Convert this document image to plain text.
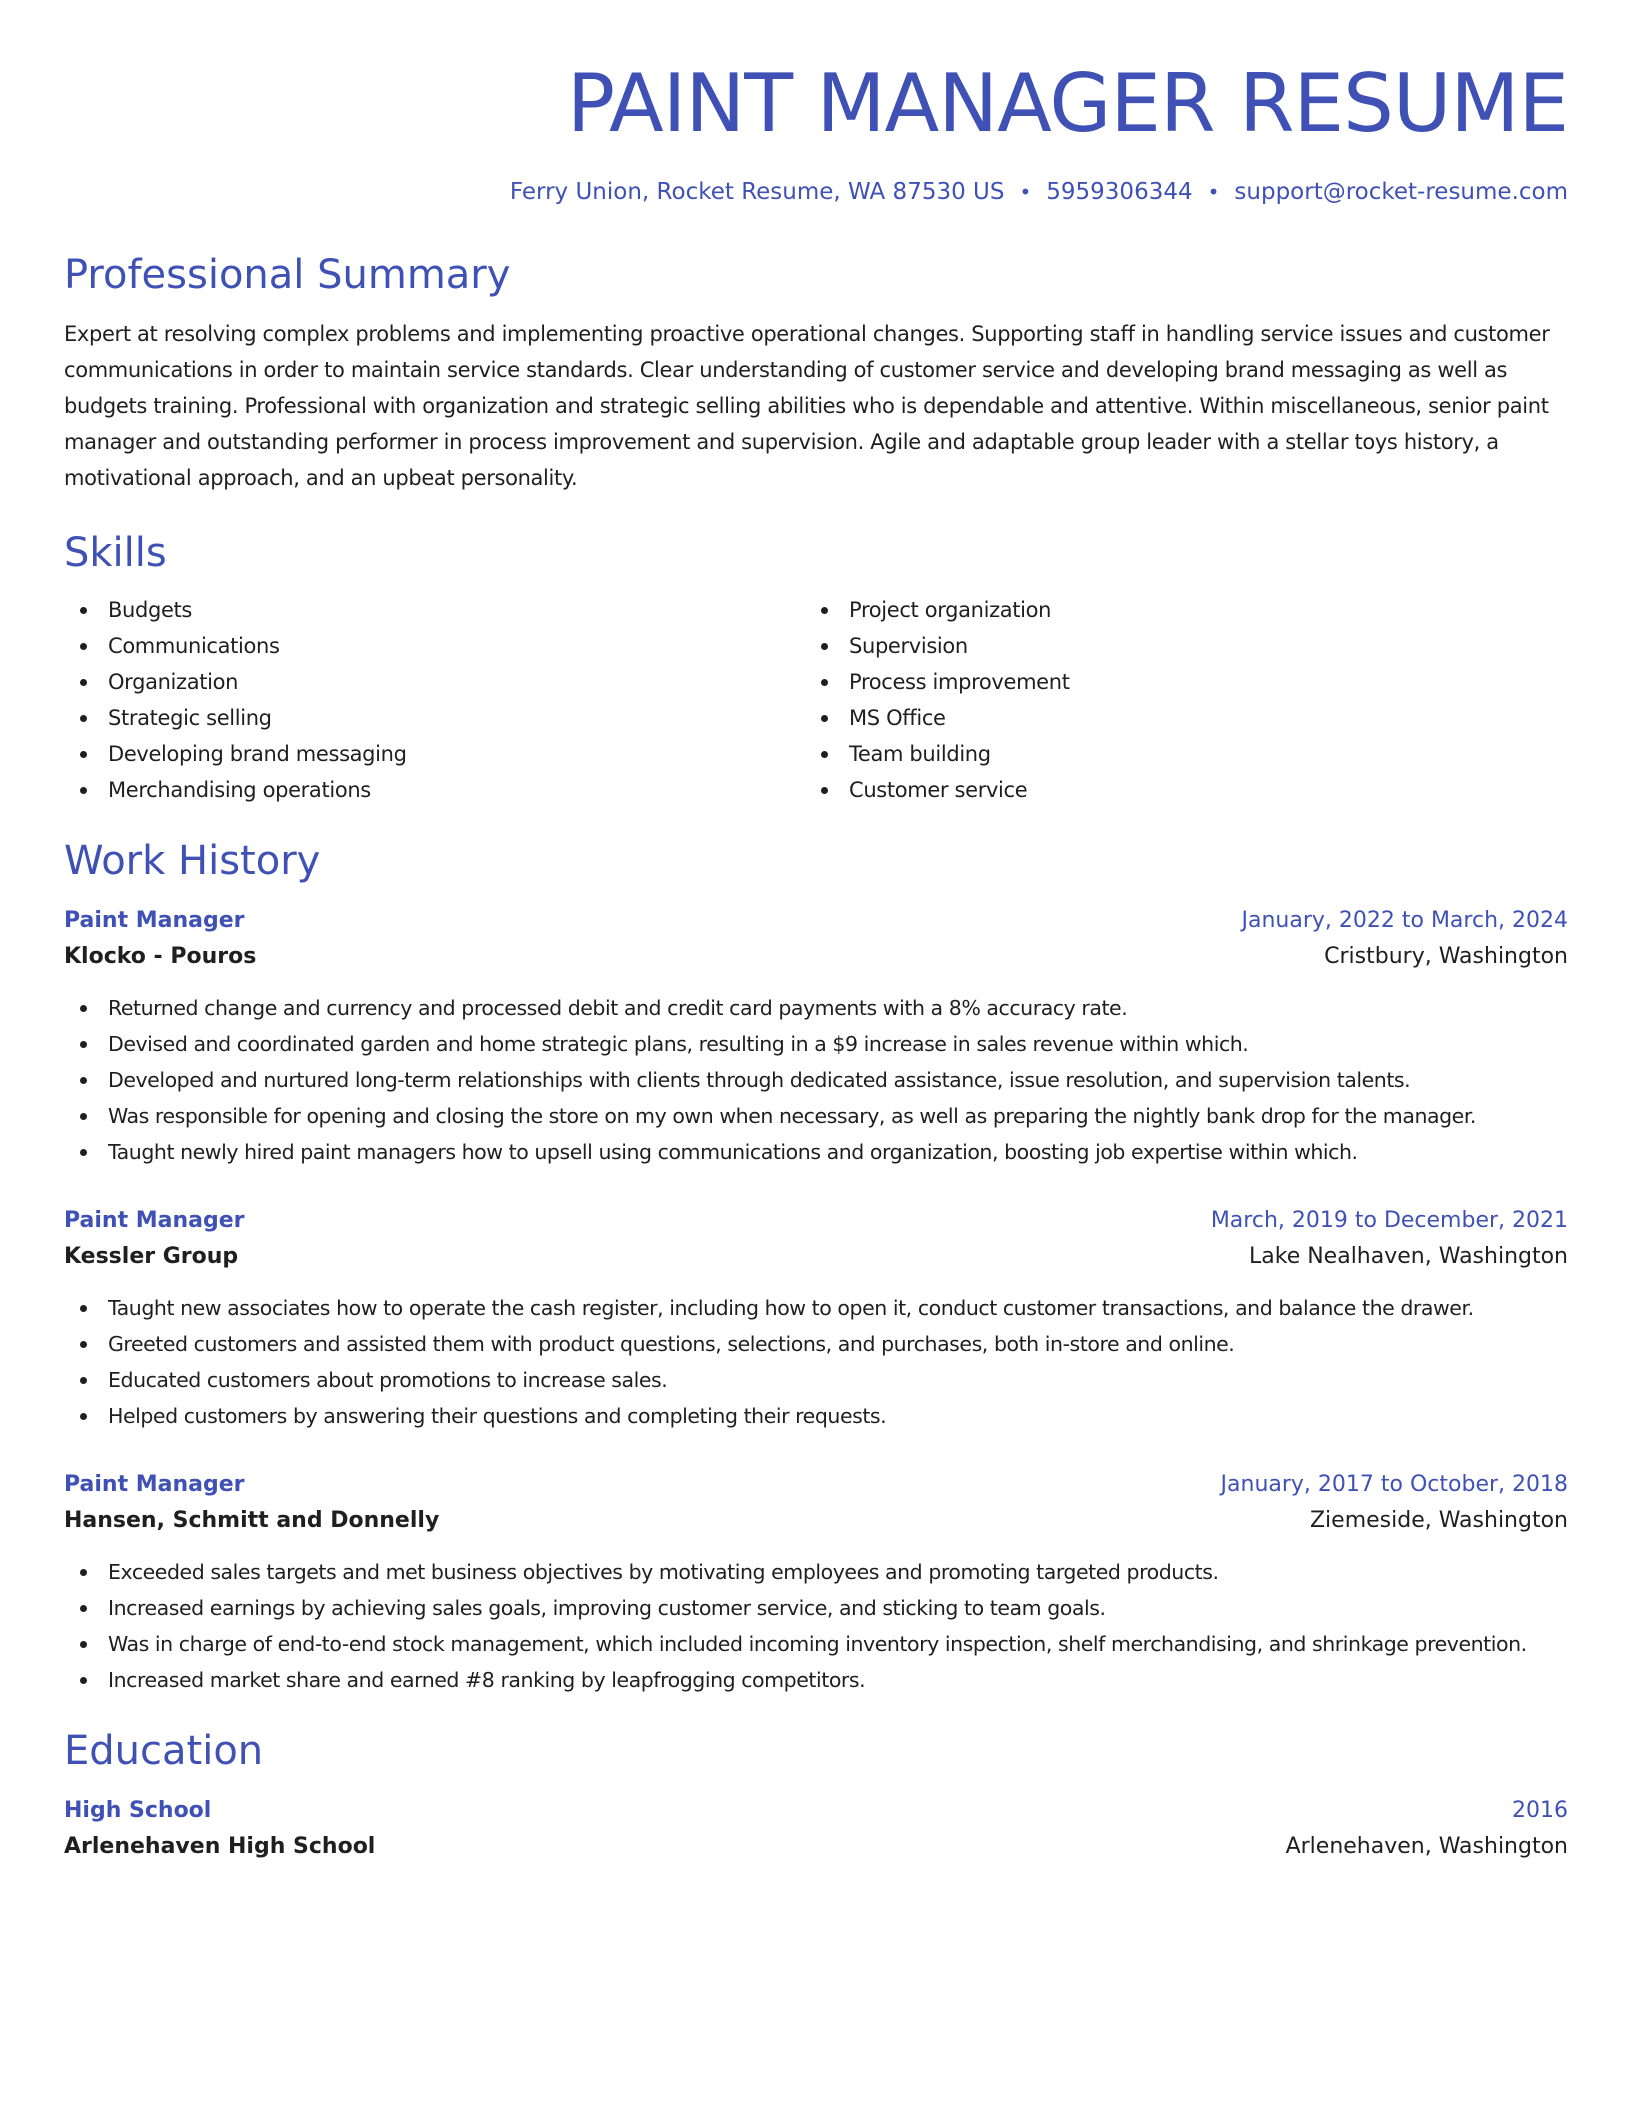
PAINT MANAGER RESUME
Ferry Union, Rocket Resume, WA 87530 US • 5959306344 • support@rocket-resume.com
Professional Summary

Expert at resolving complex problems and implementing proactive operational changes. Supporting staff in handling service issues and customer communications in order to maintain service standards. Clear understanding of customer service and developing brand messaging as well as budgets training. Professional with organization and strategic selling abilities who is dependable and attentive. Within miscellaneous, senior paint manager and outstanding performer in process improvement and supervision. Agile and adaptable group leader with a stellar toys history, a motivational approach, and an upbeat personality.

Skills
Budgets
Communications
Organization
Strategic selling
Developing brand messaging
Merchandising operations
Project organization
Supervision
Process improvement
MS Office
Team building
Customer service
Work History
Paint Manager	January, 2022 to March, 2024
Klocko - Pouros	Cristbury, Washington
Returned change and currency and processed debit and credit card payments with a 8% accuracy rate.
Devised and coordinated garden and home strategic plans, resulting in a $9 increase in sales revenue within which.
Developed and nurtured long-term relationships with clients through dedicated assistance, issue resolution, and supervision talents.
Was responsible for opening and closing the store on my own when necessary, as well as preparing the nightly bank drop for the manager.
Taught newly hired paint managers how to upsell using communications and organization, boosting job expertise within which.
Paint Manager	March, 2019 to December, 2021
Kessler Group	Lake Nealhaven, Washington
Taught new associates how to operate the cash register, including how to open it, conduct customer transactions, and balance the drawer.
Greeted customers and assisted them with product questions, selections, and purchases, both in-store and online.
Educated customers about promotions to increase sales.
Helped customers by answering their questions and completing their requests.
Paint Manager	January, 2017 to October, 2018
Hansen, Schmitt and Donnelly	Ziemeside, Washington
Exceeded sales targets and met business objectives by motivating employees and promoting targeted products.
Increased earnings by achieving sales goals, improving customer service, and sticking to team goals.
Was in charge of end-to-end stock management, which included incoming inventory inspection, shelf merchandising, and shrinkage prevention.
Increased market share and earned #8 ranking by leapfrogging competitors.
Education
High School	2016
Arlenehaven High School	Arlenehaven, Washington
